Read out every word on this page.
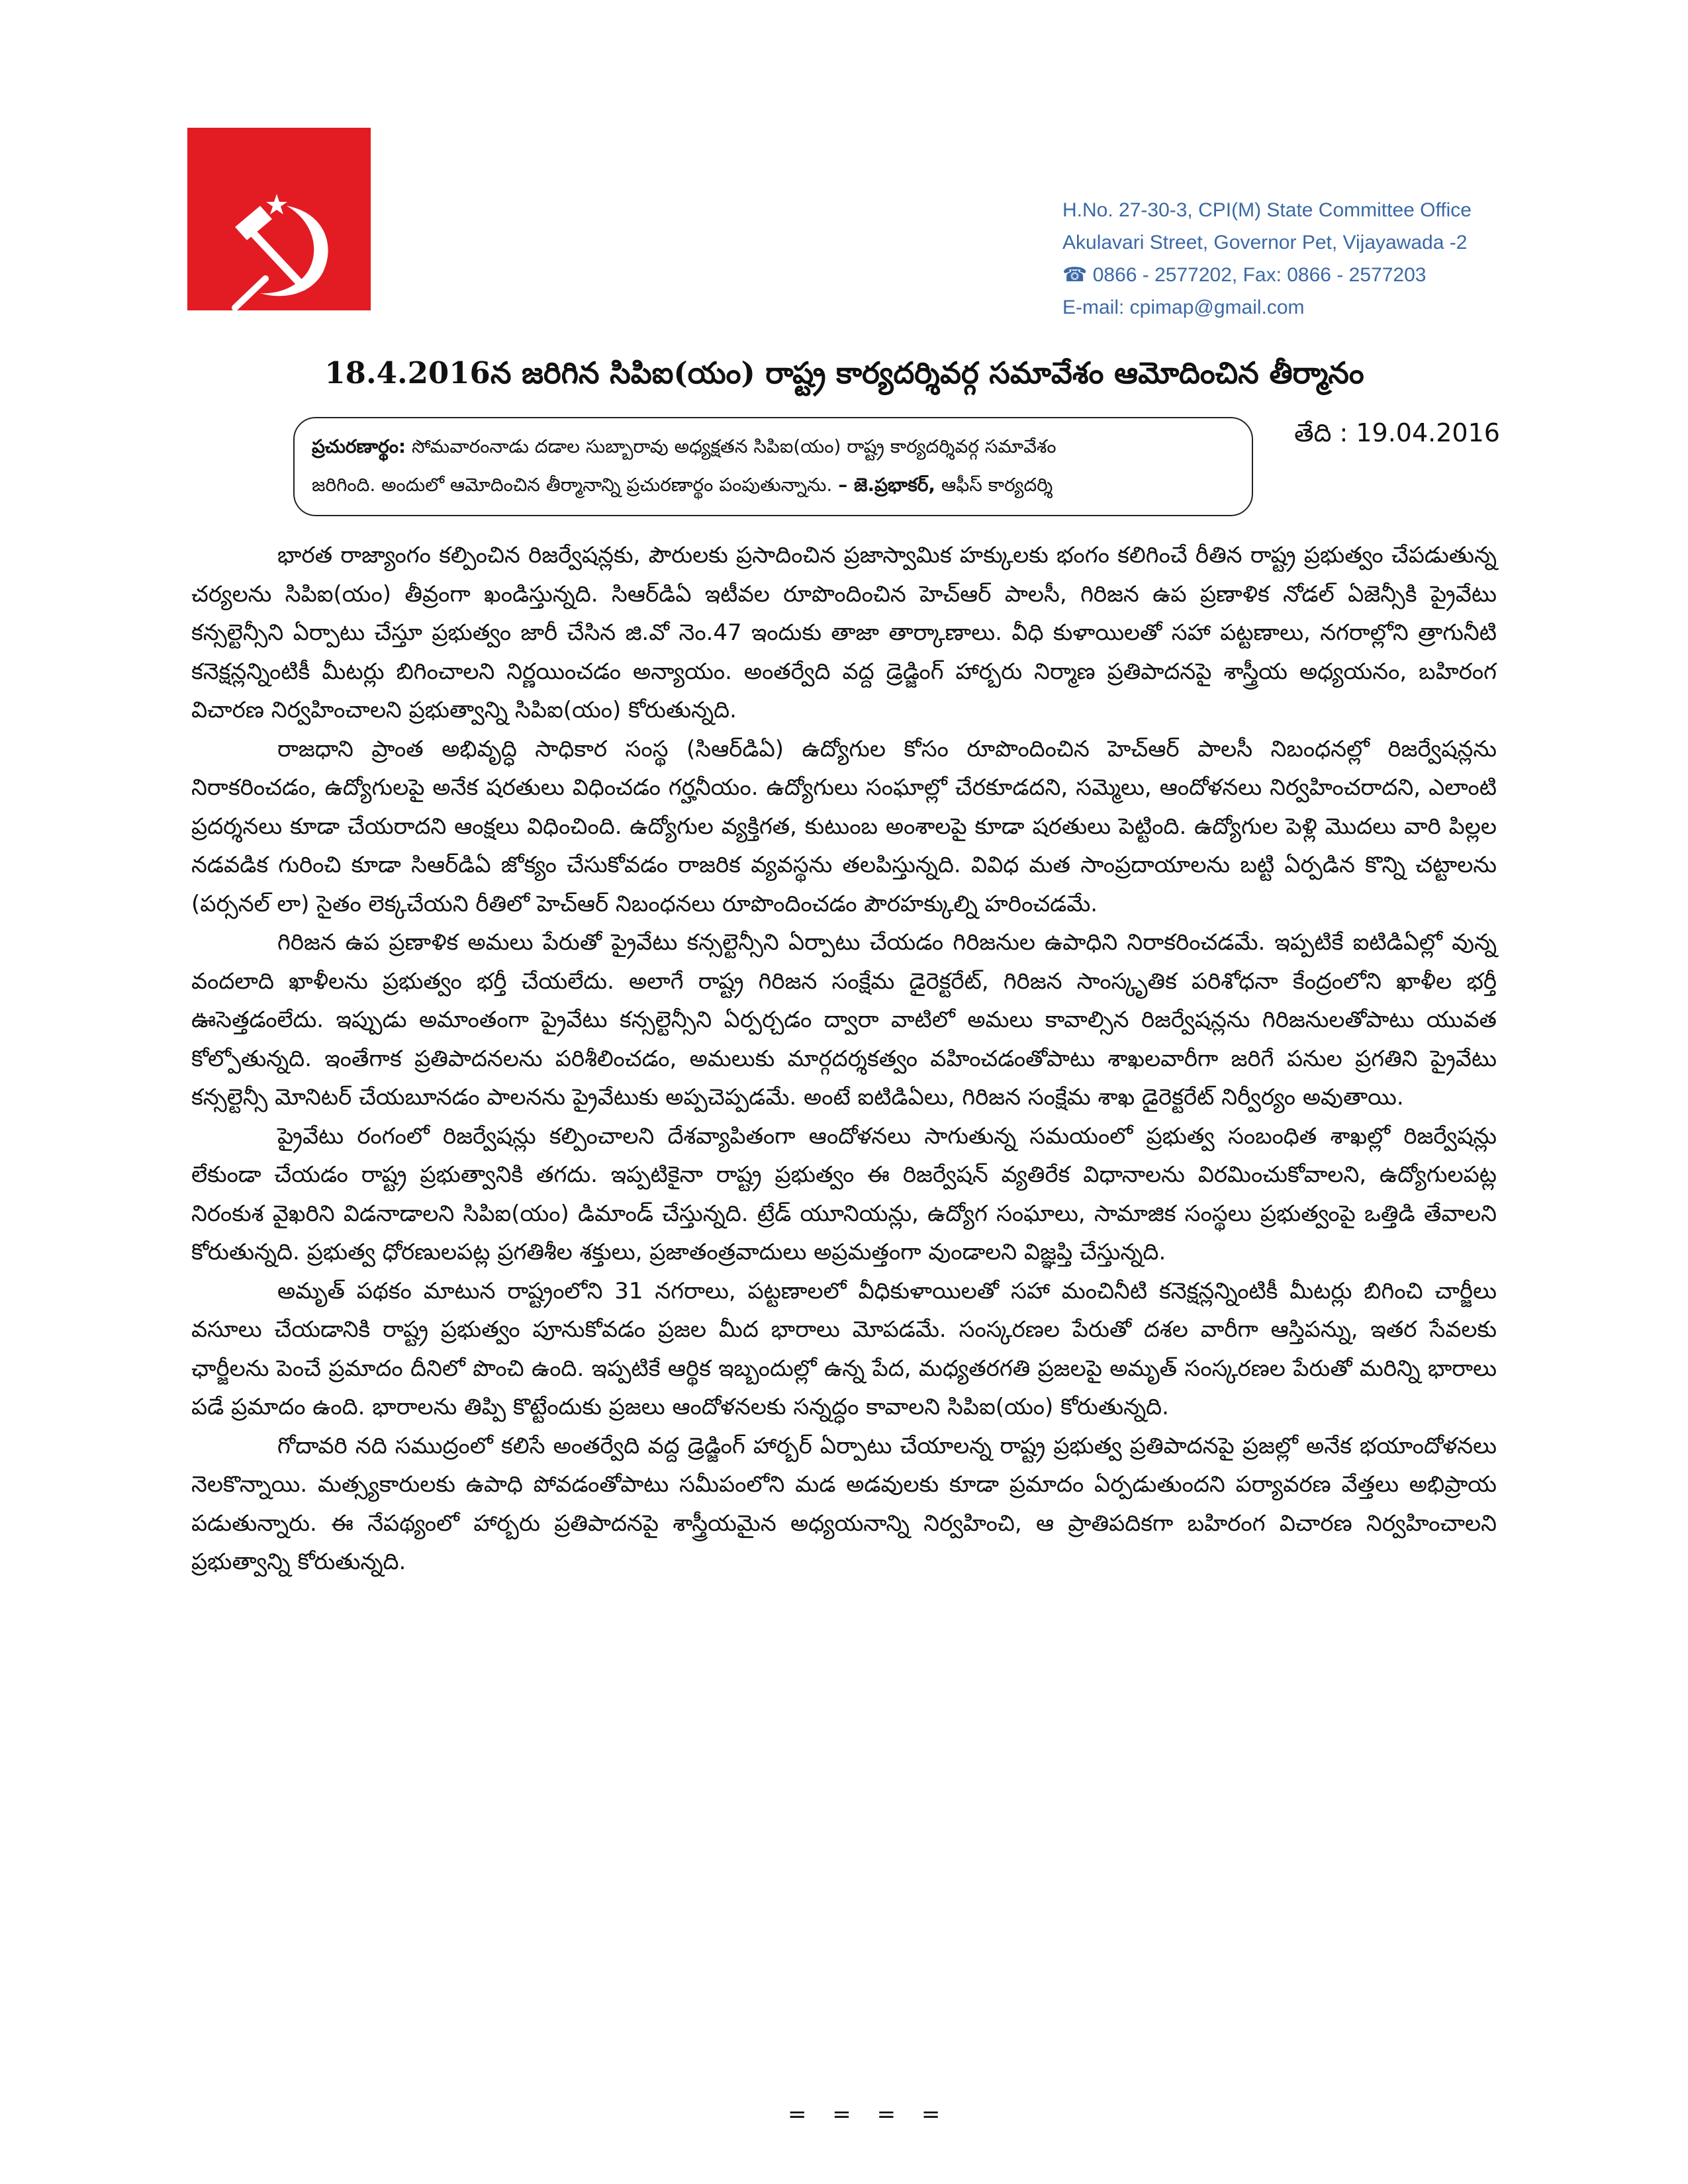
H.No. 27-30-3, CPI(M) State Committee Office
Akulavari Street, Governor Pet, Vijayawada -2
☎ 0866 - 2577202, Fax: 0866 - 2577203
E-mail: cpimap@gmail.com
18.4.2016న జరిగిన సిపిఐ(యం) రాష్ట్ర కార్యదర్శివర్గ సమావేశం ఆమోదించిన తీర్మానం

ప్రచురణార్థం: సోమవారంనాడు దడాల సుబ్బారావు అధ్యక్షతన సిపిఐ(యం) రాష్ట్ర కార్యదర్శివర్గ సమావేశం

జరిగింది. అందులో ఆమోదించిన తీర్మానాన్ని ప్రచురణార్థం పంపుతున్నాను. – జె.ప్రభాకర్, ఆఫీస్ కార్యదర్శి

తేది : 19.04.2016

భారత రాజ్యాంగం కల్పించిన రిజర్వేషన్లకు, పౌరులకు ప్రసాదించిన ప్రజాస్వామిక హక్కులకు భంగం కలిగించే రీతిన రాష్ట్ర ప్రభుత్వం చేపడుతున్న చర్యలను సిపిఐ(యం) తీవ్రంగా ఖండిస్తున్నది. సిఆర్‌డిఏ ఇటీవల రూపొందించిన హెచ్‌ఆర్ పాలసీ, గిరిజన ఉప ప్రణాళిక నోడల్ ఏజెన్సీకి ప్రైవేటు కన్సల్టెన్సీని ఏర్పాటు చేస్తూ ప్రభుత్వం జారీ చేసిన జి.వో నెం.47 ఇందుకు తాజా తార్కాణాలు. వీధి కుళాయిలతో సహా పట్టణాలు, నగరాల్లోని త్రాగునీటి కనెక్షన్లన్నింటికీ మీటర్లు బిగించాలని నిర్ణయించడం అన్యాయం. అంతర్వేది వద్ద డ్రెడ్జింగ్ హార్బరు నిర్మాణ ప్రతిపాదనపై శాస్త్రీయ అధ్యయనం, బహిరంగ విచారణ నిర్వహించాలని ప్రభుత్వాన్ని సిపిఐ(యం) కోరుతున్నది.

రాజధాని ప్రాంత అభివృద్ధి సాధికార సంస్థ (సిఆర్‌డిఏ) ఉద్యోగుల కోసం రూపొందించిన హెచ్‌ఆర్ పాలసీ నిబంధనల్లో రిజర్వేషన్లను నిరాకరించడం, ఉద్యోగులపై అనేక షరతులు విధించడం గర్హనీయం. ఉద్యోగులు సంఘాల్లో చేరకూడదని, సమ్మెలు, ఆందోళనలు నిర్వహించరాదని, ఎలాంటి ప్రదర్శనలు కూడా చేయరాదని ఆంక్షలు విధించింది. ఉద్యోగుల వ్యక్తిగత, కుటుంబ అంశాలపై కూడా షరతులు పెట్టింది. ఉద్యోగుల పెళ్లి మొదలు వారి పిల్లల నడవడిక గురించి కూడా సిఆర్‌డిఏ జోక్యం చేసుకోవడం రాజరిక వ్యవస్థను తలపిస్తున్నది. వివిధ మత సాంప్రదాయాలను బట్టి ఏర్పడిన కొన్ని చట్టాలను (పర్సనల్ లా) సైతం లెక్కచేయని రీతిలో హెచ్‌ఆర్ నిబంధనలు రూపొందించడం పౌరహక్కుల్ని హరించడమే.

గిరిజన ఉప ప్రణాళిక అమలు పేరుతో ప్రైవేటు కన్సల్టెన్సీని ఏర్పాటు చేయడం గిరిజనుల ఉపాధిని నిరాకరించడమే. ఇప్పటికే ఐటిడిఏల్లో వున్న వందలాది ఖాళీలను ప్రభుత్వం భర్తీ చేయలేదు. అలాగే రాష్ట్ర గిరిజన సంక్షేమ డైరెక్టరేట్, గిరిజన సాంస్కృతిక పరిశోధనా కేంద్రంలోని ఖాళీల భర్తీ ఊసెత్తడంలేదు. ఇప్పుడు అమాంతంగా ప్రైవేటు కన్సల్టెన్సీని ఏర్పర్చడం ద్వారా వాటిలో అమలు కావాల్సిన రిజర్వేషన్లను గిరిజనులతోపాటు యువత కోల్పోతున్నది. ఇంతేగాక ప్రతిపాదనలను పరిశీలించడం, అమలుకు మార్గదర్శకత్వం వహించడంతోపాటు శాఖలవారీగా జరిగే పనుల ప్రగతిని ప్రైవేటు కన్సల్టెన్సీ మోనిటర్ చేయబూనడం పాలనను ప్రైవేటుకు అప్పచెప్పడమే. అంటే ఐటిడిఏలు, గిరిజన సంక్షేమ శాఖ డైరెక్టరేట్ నిర్వీర్యం అవుతాయి.

ప్రైవేటు రంగంలో రిజర్వేషన్లు కల్పించాలని దేశవ్యాపితంగా ఆందోళనలు సాగుతున్న సమయంలో ప్రభుత్వ సంబంధిత శాఖల్లో రిజర్వేషన్లు లేకుండా చేయడం రాష్ట్ర ప్రభుత్వానికి తగదు. ఇప్పటికైనా రాష్ట్ర ప్రభుత్వం ఈ రిజర్వేషన్ వ్యతిరేక విధానాలను విరమించుకోవాలని, ఉద్యోగులపట్ల నిరంకుశ వైఖరిని విడనాడాలని సిపిఐ(యం) డిమాండ్ చేస్తున్నది. ట్రేడ్ యూనియన్లు, ఉద్యోగ సంఘాలు, సామాజిక సంస్థలు ప్రభుత్వంపై ఒత్తిడి తేవాలని కోరుతున్నది. ప్రభుత్వ ధోరణులపట్ల ప్రగతిశీల శక్తులు, ప్రజాతంత్రవాదులు అప్రమత్తంగా వుండాలని విజ్ఞప్తి చేస్తున్నది.

అమృత్ పథకం మాటున రాష్ట్రంలోని 31 నగరాలు, పట్టణాలలో వీధికుళాయిలతో సహా మంచినీటి కనెక్షన్లన్నింటికీ మీటర్లు బిగించి చార్జీలు వసూలు చేయడానికి రాష్ట్ర ప్రభుత్వం పూనుకోవడం ప్రజల మీద భారాలు మోపడమే. సంస్కరణల పేరుతో దశల వారీగా ఆస్తిపన్ను, ఇతర సేవలకు ఛార్జీలను పెంచే ప్రమాదం దీనిలో పొంచి ఉంది. ఇప్పటికే ఆర్థిక ఇబ్బందుల్లో ఉన్న పేద, మధ్యతరగతి ప్రజలపై అమృత్ సంస్కరణల పేరుతో మరిన్ని భారాలు పడే ప్రమాదం ఉంది. భారాలను తిప్పి కొట్టేందుకు ప్రజలు ఆందోళనలకు సన్నద్ధం కావాలని సిపిఐ(యం) కోరుతున్నది.

గోదావరి నది సముద్రంలో కలిసే అంతర్వేది వద్ద డ్రెడ్జింగ్ హార్బర్ ఏర్పాటు చేయాలన్న రాష్ట్ర ప్రభుత్వ ప్రతిపాదనపై ప్రజల్లో అనేక భయాందోళనలు నెలకొన్నాయి. మత్స్యకారులకు ఉపాధి పోవడంతోపాటు సమీపంలోని మడ అడవులకు కూడా ప్రమాదం ఏర్పడుతుందని పర్యావరణ వేత్తలు అభిప్రాయ పడుతున్నారు. ఈ నేపథ్యంలో హార్బరు ప్రతిపాదనపై శాస్త్రీయమైన అధ్యయనాన్ని నిర్వహించి, ఆ ప్రాతిపదికగా బహిరంగ విచారణ నిర్వహించాలని ప్రభుత్వాన్ని కోరుతున్నది.

= = = =
